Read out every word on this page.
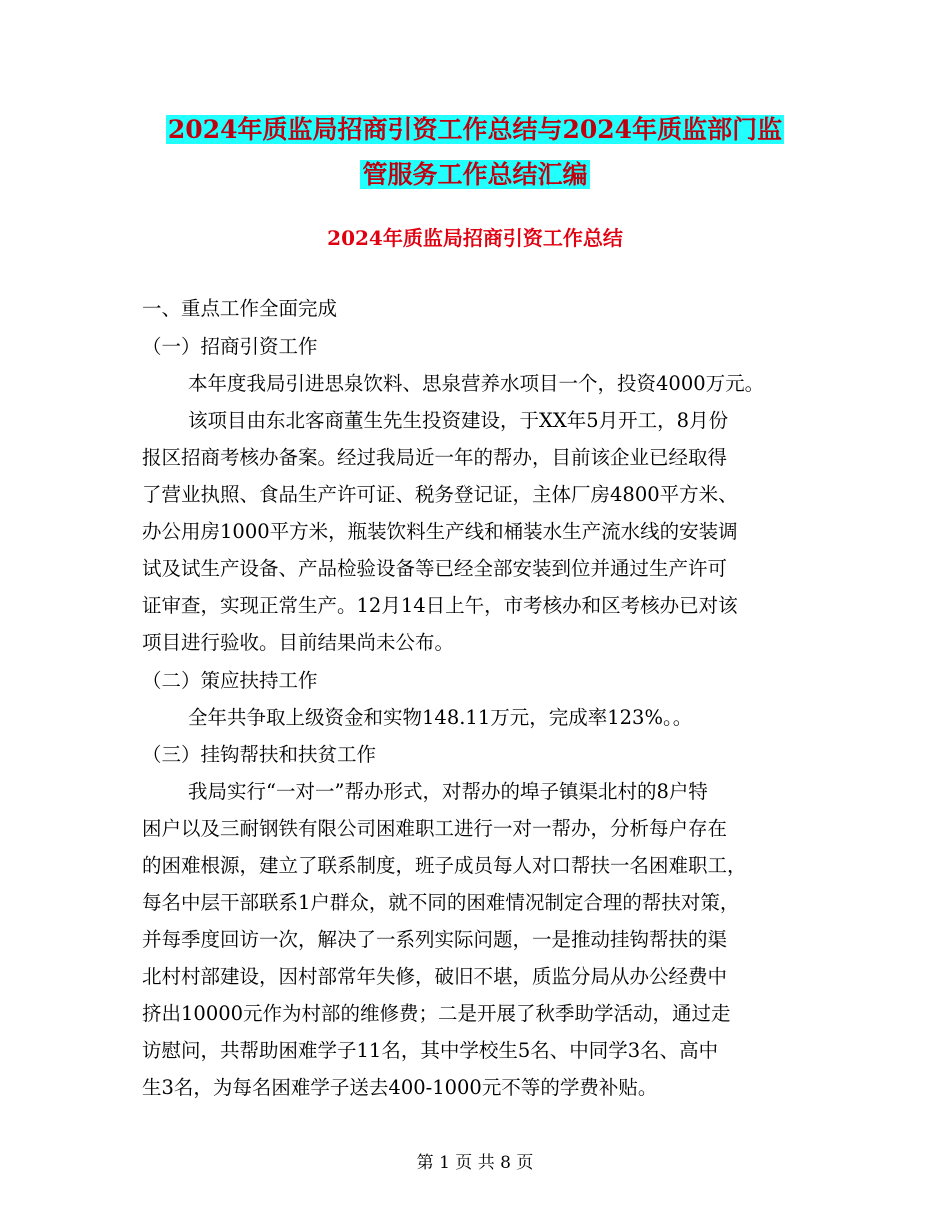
2024年质监局招商引资工作总结与2024年质监部门监
管服务工作总结汇编
2024年质监局招商引资工作总结
一、重点工作全面完成
（一）招商引资工作
本年度我局引进思泉饮料、思泉营养水项目一个，投资4000万元。
该项目由东北客商董生先生投资建设，于XX年5月开工，8月份
报区招商考核办备案。经过我局近一年的帮办，目前该企业已经取得
了营业执照、食品生产许可证、税务登记证，主体厂房4800平方米、
办公用房1000平方米，瓶装饮料生产线和桶装水生产流水线的安装调
试及试生产设备、产品检验设备等已经全部安装到位并通过生产许可
证审查，实现正常生产。12月14日上午，市考核办和区考核办已对该
项目进行验收。目前结果尚未公布。
（二）策应扶持工作
全年共争取上级资金和实物148.11万元，完成率123%。。
（三）挂钩帮扶和扶贫工作
我局实行“一对一”帮办形式，对帮办的埠子镇渠北村的8户特
困户以及三耐钢铁有限公司困难职工进行一对一帮办，分析每户存在
的困难根源，建立了联系制度，班子成员每人对口帮扶一名困难职工，
每名中层干部联系1户群众，就不同的困难情况制定合理的帮扶对策，
并每季度回访一次，解决了一系列实际问题，一是推动挂钩帮扶的渠
北村村部建设，因村部常年失修，破旧不堪，质监分局从办公经费中
挤出10000元作为村部的维修费；二是开展了秋季助学活动，通过走
访慰问，共帮助困难学子11名，其中学校生5名、中同学3名、高中
生3名，为每名困难学子送去400-1000元不等的学费补贴。
第 1 页 共 8 页
